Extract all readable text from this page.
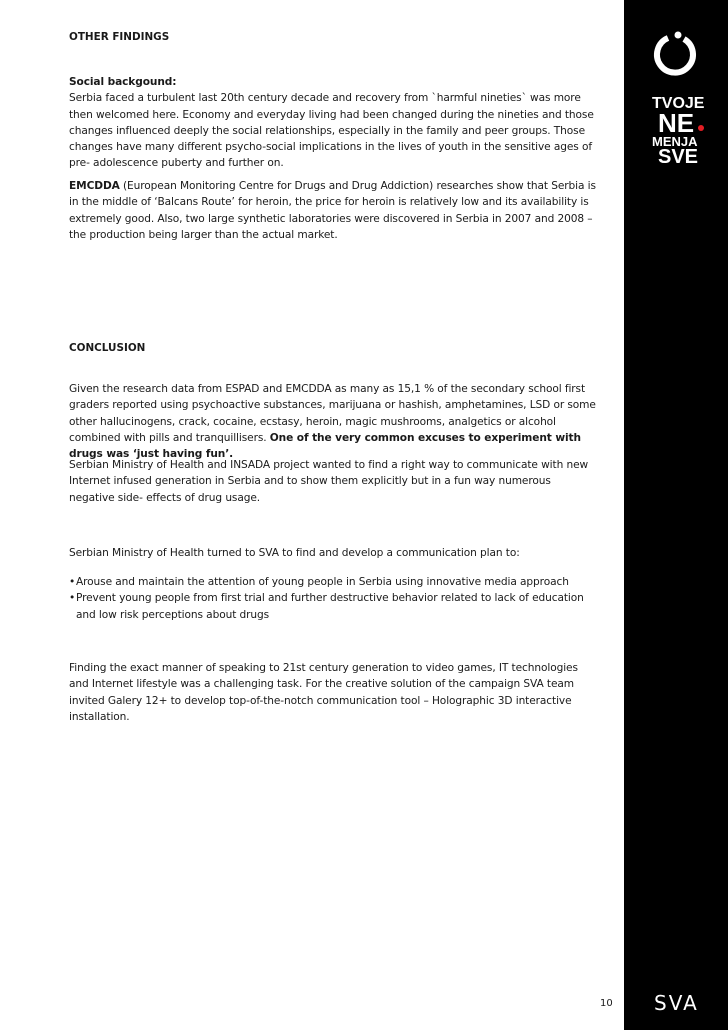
TVOJE
NE
MENJA
SVE
OTHER FINDINGS
Social backgound:
Serbia faced a turbulent last 20th century decade and recovery from `harmful nineties` was more then welcomed here. Economy and everyday living had been changed during the nineties and those changes influenced deeply the social relationships, especially in the family and peer groups. Those changes have many different psycho-social implications in the lives of youth in the sensitive ages of pre- adolescence puberty and further on.

EMCDDA (European Monitoring Centre for Drugs and Drug Addiction) researches show that Serbia is in the middle of ‘Balcans Route’ for heroin, the price for heroin is relatively low and its availability is extremely good. Also, two large synthetic laboratories were discovered in Serbia in 2007 and 2008 – the production being larger than the actual market.

CONCLUSION

Given the research data from ESPAD and EMCDDA as many as 15,1 % of the secondary school first graders reported using psychoactive substances, marijuana or hashish, amphetamines, LSD or some other hallucinogens, crack, cocaine, ecstasy, heroin, magic mushrooms, analgetics or alcohol combined with pills and tranquillisers. One of the very common excuses to experiment with drugs was ‘just having fun’.

Serbian Ministry of Health and INSADA project wanted to find a right way to communicate with new Internet infused generation in Serbia and to show them explicitly but in a fun way numerous negative side- effects of drug usage.

Serbian Ministry of Health turned to SVA to find and develop a communication plan to:

• Arouse and maintain the attention of young people in Serbia using innovative media approach
• Prevent young people from first trial and further destructive behavior related to lack of education and low risk perceptions about drugs

Finding the exact manner of speaking to 21st century generation to video games, IT technologies and Internet lifestyle was a challenging task. For the creative solution of the campaign SVA team invited Galery 12+ to develop top-of-the-notch communication tool – Holographic 3D interactive installation.

10 SVA
